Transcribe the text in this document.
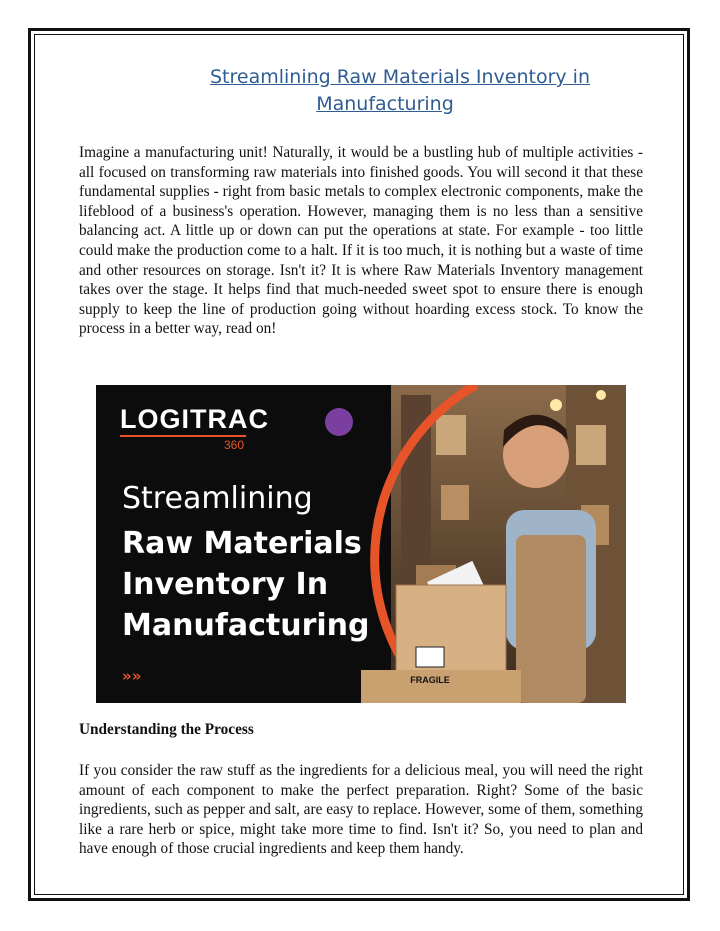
Streamlining Raw Materials Inventory in
Manufacturing

Imagine a manufacturing unit! Naturally, it would be a bustling hub of multiple activities - all focused on transforming raw materials into finished goods. You will second it that these fundamental supplies - right from basic metals to complex electronic components, make the lifeblood of a business's operation. However, managing them is no less than a sensitive balancing act. A little up or down can put the operations at state. For example - too little could make the production come to a halt. If it is too much, it is nothing but a waste of time and other resources on storage. Isn't it? It is where Raw Materials Inventory management takes over the stage. It helps find that much-needed sweet spot to ensure there is enough supply to keep the line of production going without hoarding excess stock. To know the process in a better way, read on!

FRAGILE
LOGITRAC
360
Streamlining
Raw Materials
Inventory In
Manufacturing
»»

Understanding the Process

If you consider the raw stuff as the ingredients for a delicious meal, you will need the right amount of each component to make the perfect preparation. Right? Some of the basic ingredients, such as pepper and salt, are easy to replace. However, some of them, something like a rare herb or spice, might take more time to find. Isn't it? So, you need to plan and have enough of those crucial ingredients and keep them handy.
